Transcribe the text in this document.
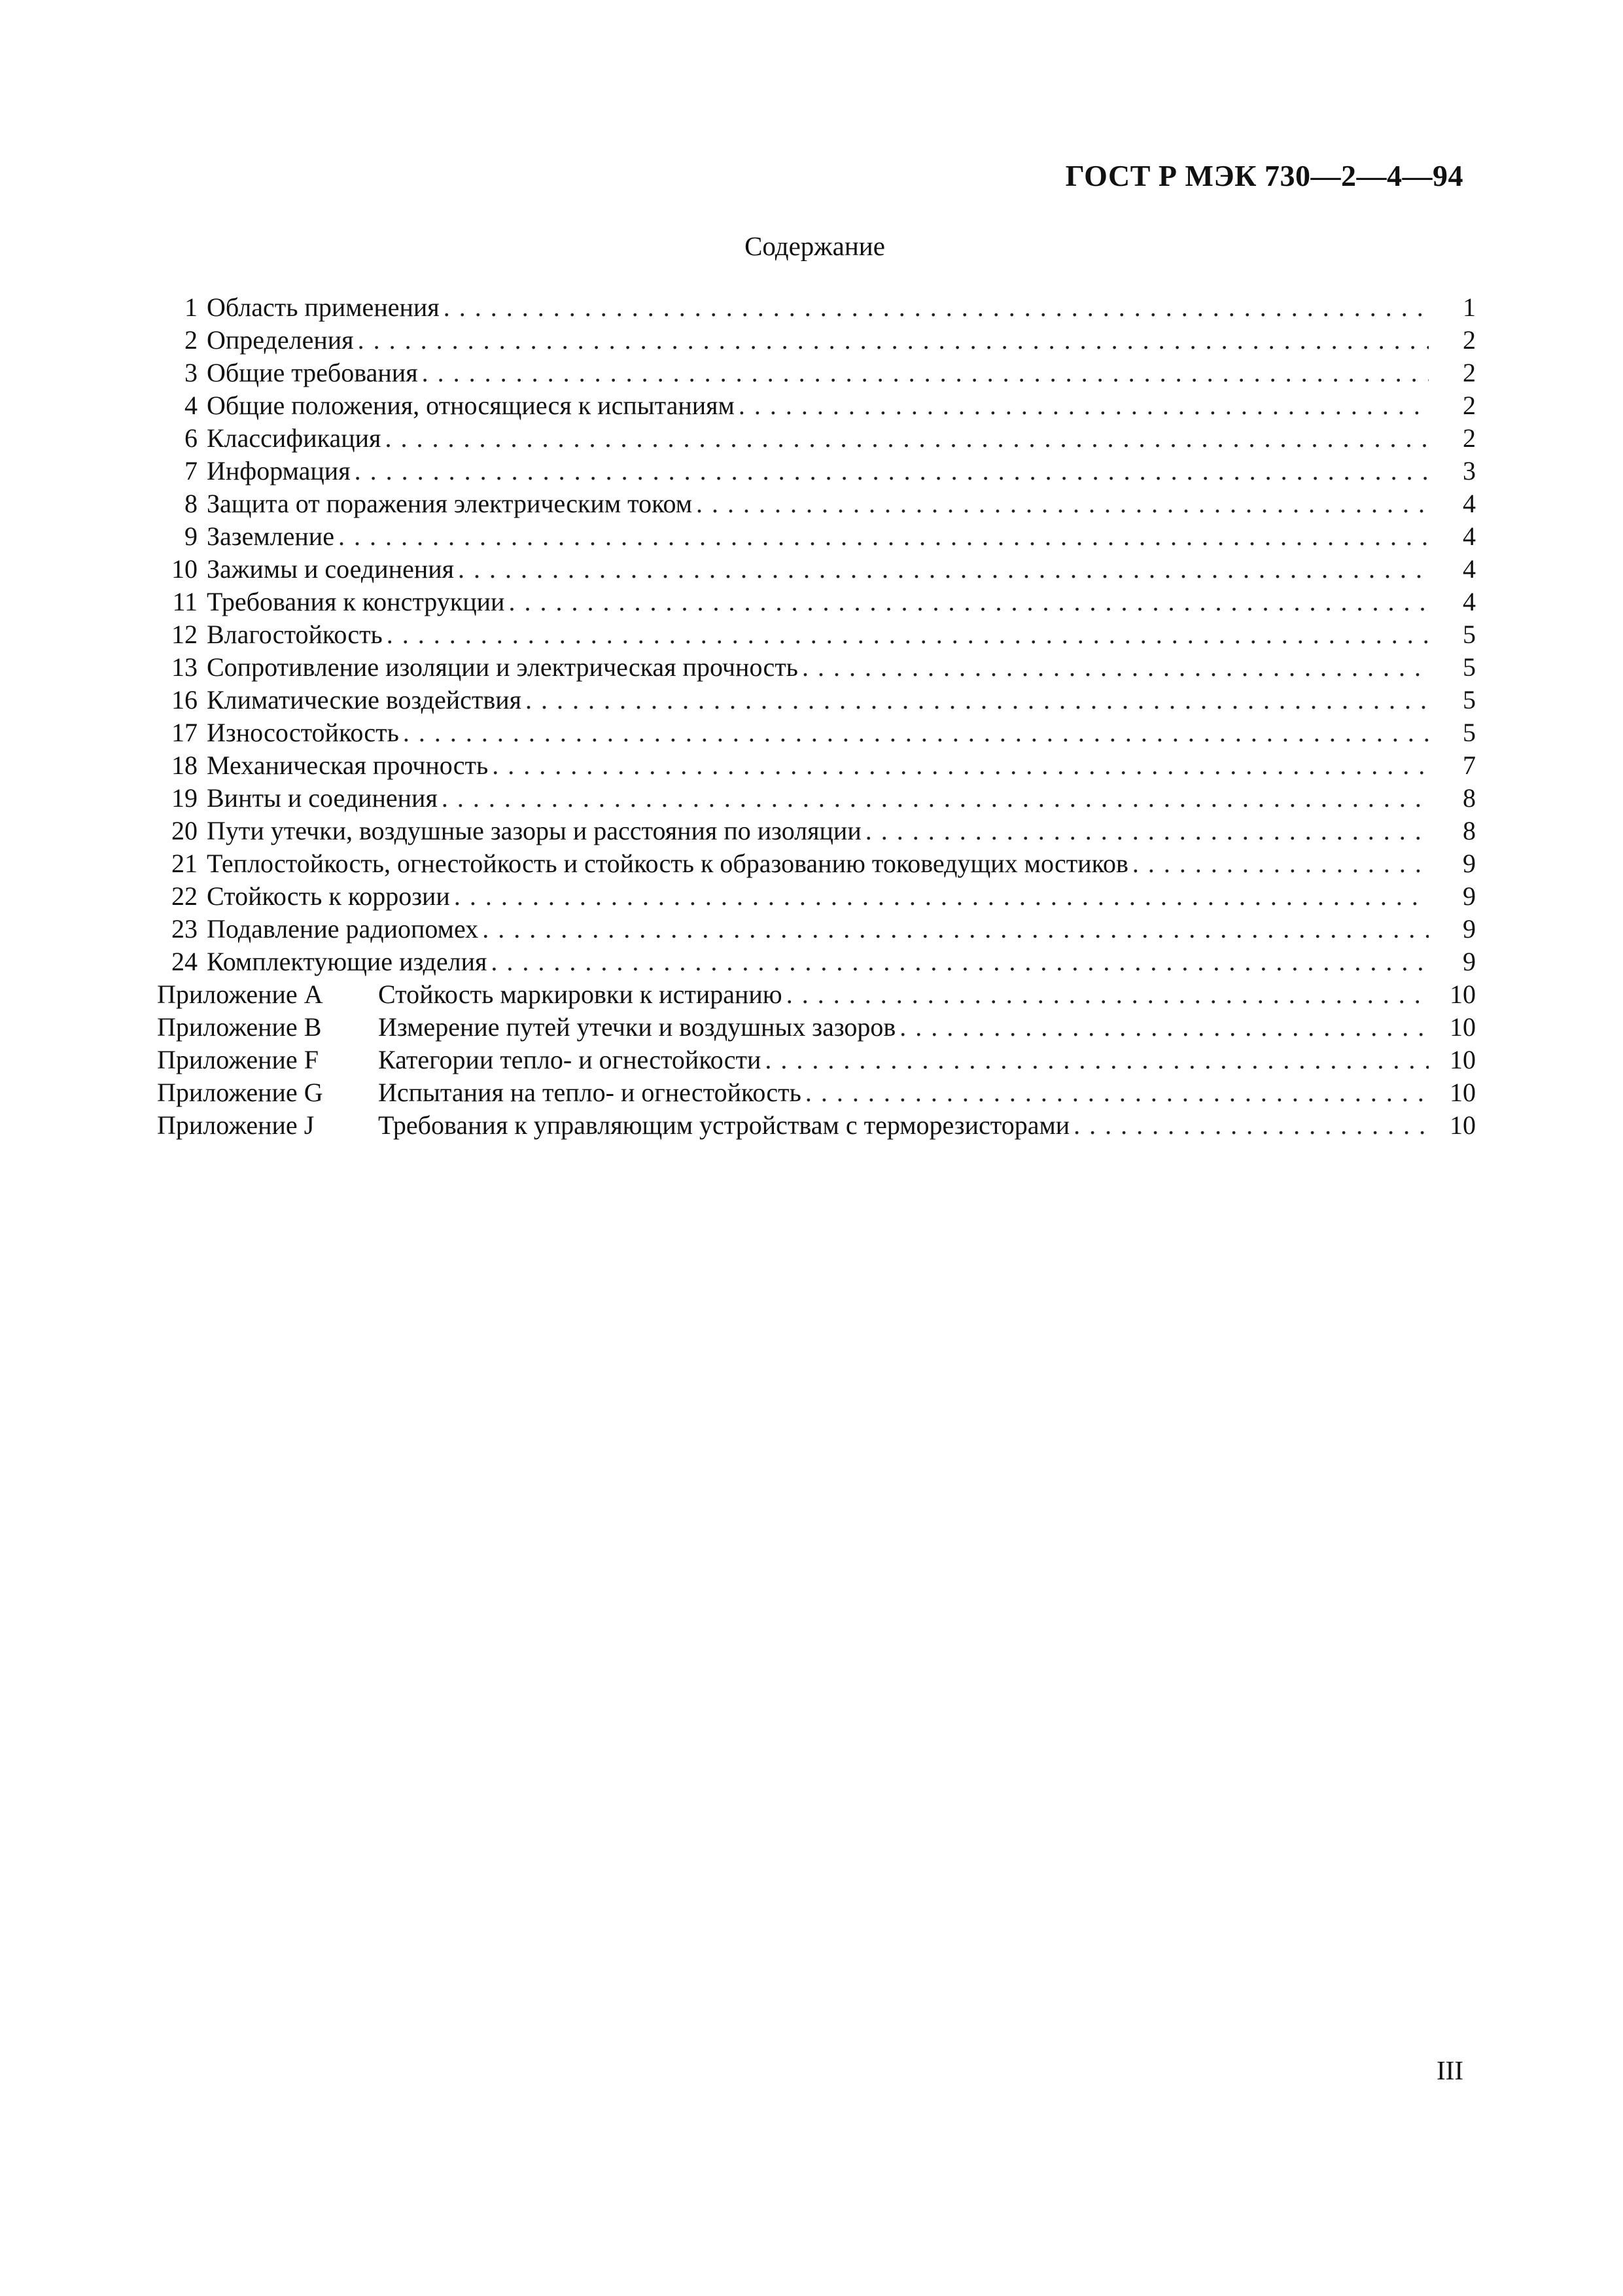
ГОСТ Р МЭК 730—2—4—94
Содержание
1 Область применения . . .	1
2 Определения . . .	2
3 Общие требования . . .	2
4 Общие положения, относящиеся к испытаниям . . .	2
6 Классификация . . .	2
7 Информация . . .	3
8 Защита от поражения электрическим током . . .	4
9 Заземление . . .	4
10 Зажимы и соединения . . .	4
11 Требования к конструкции . . .	4
12 Влагостойкость . . .	5
13 Сопротивление изоляции и электрическая прочность . . .	5
16 Климатические воздействия . . .	5
17 Износостойкость . . .	5
18 Механическая прочность . . .	7
19 Винты и соединения . . .	8
20 Пути утечки, воздушные зазоры и расстояния по изоляции . . .	8
21 Теплостойкость, огнестойкость и стойкость к образованию токоведущих мостиков . . .	9
22 Стойкость к коррозии . . .	9
23 Подавление радиопомех . . .	9
24 Комплектующие изделия . . .	9
Приложение A	Стойкость маркировки к истиранию . . .	10
Приложение B	Измерение путей утечки и воздушных зазоров . . .	10
Приложение F	Категории тепло- и огнестойкости . . .	10
Приложение G	Испытания на тепло- и огнестойкость . . .	10
Приложение J	Требования к управляющим устройствам с терморезисторами . . .	10
III
